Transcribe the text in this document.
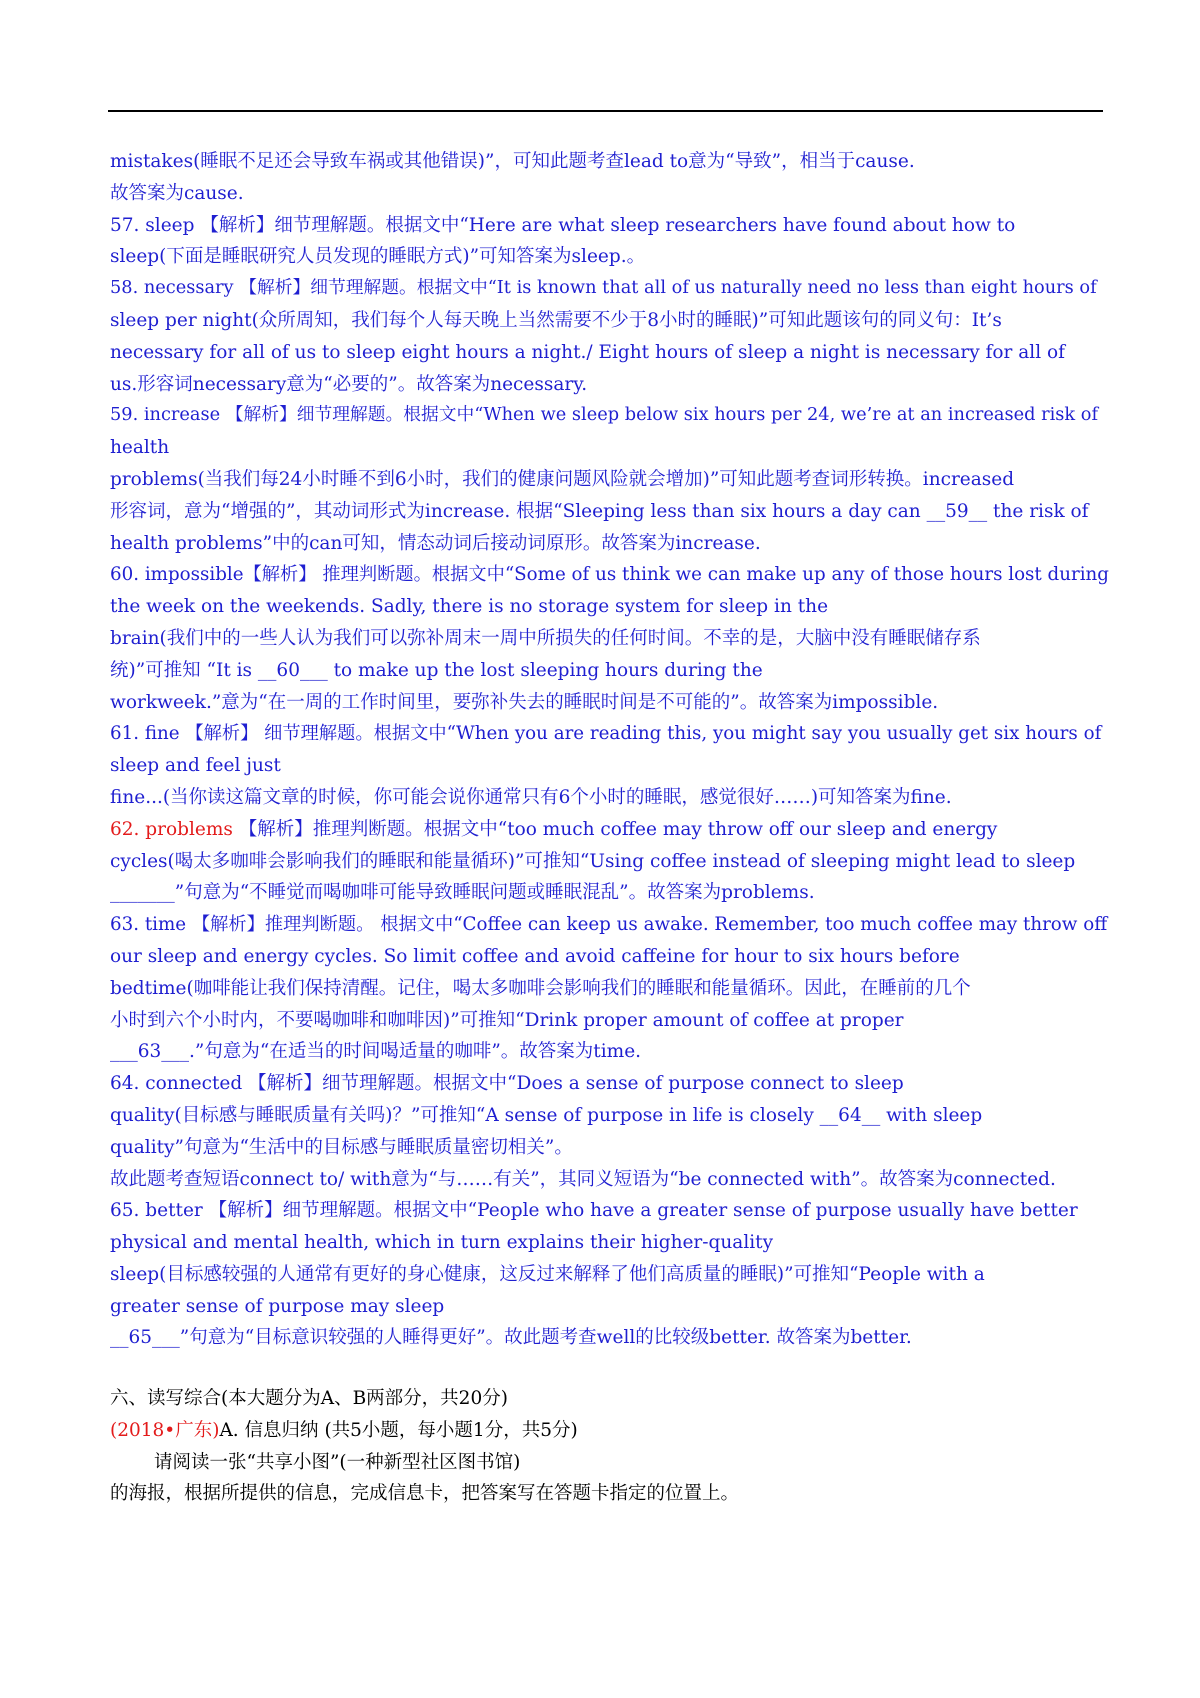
mistakes(睡眠不足还会导致车祸或其他错误)”，可知此题考查lead to意为“导致”，相当于cause.
故答案为cause.
57. sleep 【解析】细节理解题。根据文中“Here are what sleep researchers have found about how to
sleep(下面是睡眠研究人员发现的睡眠方式)”可知答案为sleep.。
58. necessary 【解析】细节理解题。根据文中“It is known that all of us naturally need no less than eight hours of
sleep per night(众所周知，我们每个人每天晚上当然需要不少于8小时的睡眠)”可知此题该句的同义句：It’s
necessary for all of us to sleep eight hours a night./ Eight hours of sleep a night is necessary for all of
us.形容词necessary意为“必要的”。故答案为necessary.
59. increase 【解析】细节理解题。根据文中“When we sleep below six hours per 24, we’re at an increased risk of
health
problems(当我们每24小时睡不到6小时，我们的健康问题风险就会增加)”可知此题考查词形转换。increased
形容词，意为“增强的”，其动词形式为increase. 根据“Sleeping less than six hours a day can __59__ the risk of
health problems”中的can可知，情态动词后接动词原形。故答案为increase.
60. impossible【解析】 推理判断题。根据文中“Some of us think we can make up any of those hours lost during
the week on the weekends. Sadly, there is no storage system for sleep in the
brain(我们中的一些人认为我们可以弥补周末一周中所损失的任何时间。不幸的是，大脑中没有睡眠储存系
统)”可推知 “It is __60___ to make up the lost sleeping hours during the
workweek.”意为“在一周的工作时间里，要弥补失去的睡眠时间是不可能的”。故答案为impossible.
61. fine 【解析】 细节理解题。根据文中“When you are reading this, you might say you usually get six hours of
sleep and feel just
fine...(当你读这篇文章的时候，你可能会说你通常只有6个小时的睡眠，感觉很好……)可知答案为fine.
62. problems 【解析】推理判断题。根据文中“too much coffee may throw off our sleep and energy
cycles(喝太多咖啡会影响我们的睡眠和能量循环)”可推知“Using coffee instead of sleeping might lead to sleep
_______”句意为“不睡觉而喝咖啡可能导致睡眠问题或睡眠混乱”。故答案为problems.
63. time 【解析】推理判断题。 根据文中“Coffee can keep us awake. Remember, too much coffee may throw off
our sleep and energy cycles. So limit coffee and avoid caffeine for hour to six hours before
bedtime(咖啡能让我们保持清醒。记住，喝太多咖啡会影响我们的睡眠和能量循环。因此，在睡前的几个
小时到六个小时内，不要喝咖啡和咖啡因)”可推知“Drink proper amount of coffee at proper
___63___.”句意为“在适当的时间喝适量的咖啡”。故答案为time.
64. connected 【解析】细节理解题。根据文中“Does a sense of purpose connect to sleep
quality(目标感与睡眠质量有关吗)？”可推知“A sense of purpose in life is closely __64__ with sleep
quality”句意为“生活中的目标感与睡眠质量密切相关”。
故此题考查短语connect to/ with意为“与……有关”，其同义短语为“be connected with”。故答案为connected.
65. better 【解析】细节理解题。根据文中“People who have a greater sense of purpose usually have better
physical and mental health, which in turn explains their higher-quality
sleep(目标感较强的人通常有更好的身心健康，这反过来解释了他们高质量的睡眠)”可推知“People with a
greater sense of purpose may sleep
__65___”句意为“目标意识较强的人睡得更好”。故此题考查well的比较级better. 故答案为better.
六、读写综合(本大题分为A、B两部分，共20分)
(2018•广东)A. 信息归纳 (共5小题，每小题1分，共5分)
请阅读一张“共享小图”(一种新型社区图书馆)
的海报，根据所提供的信息，完成信息卡，把答案写在答题卡指定的位置上。
